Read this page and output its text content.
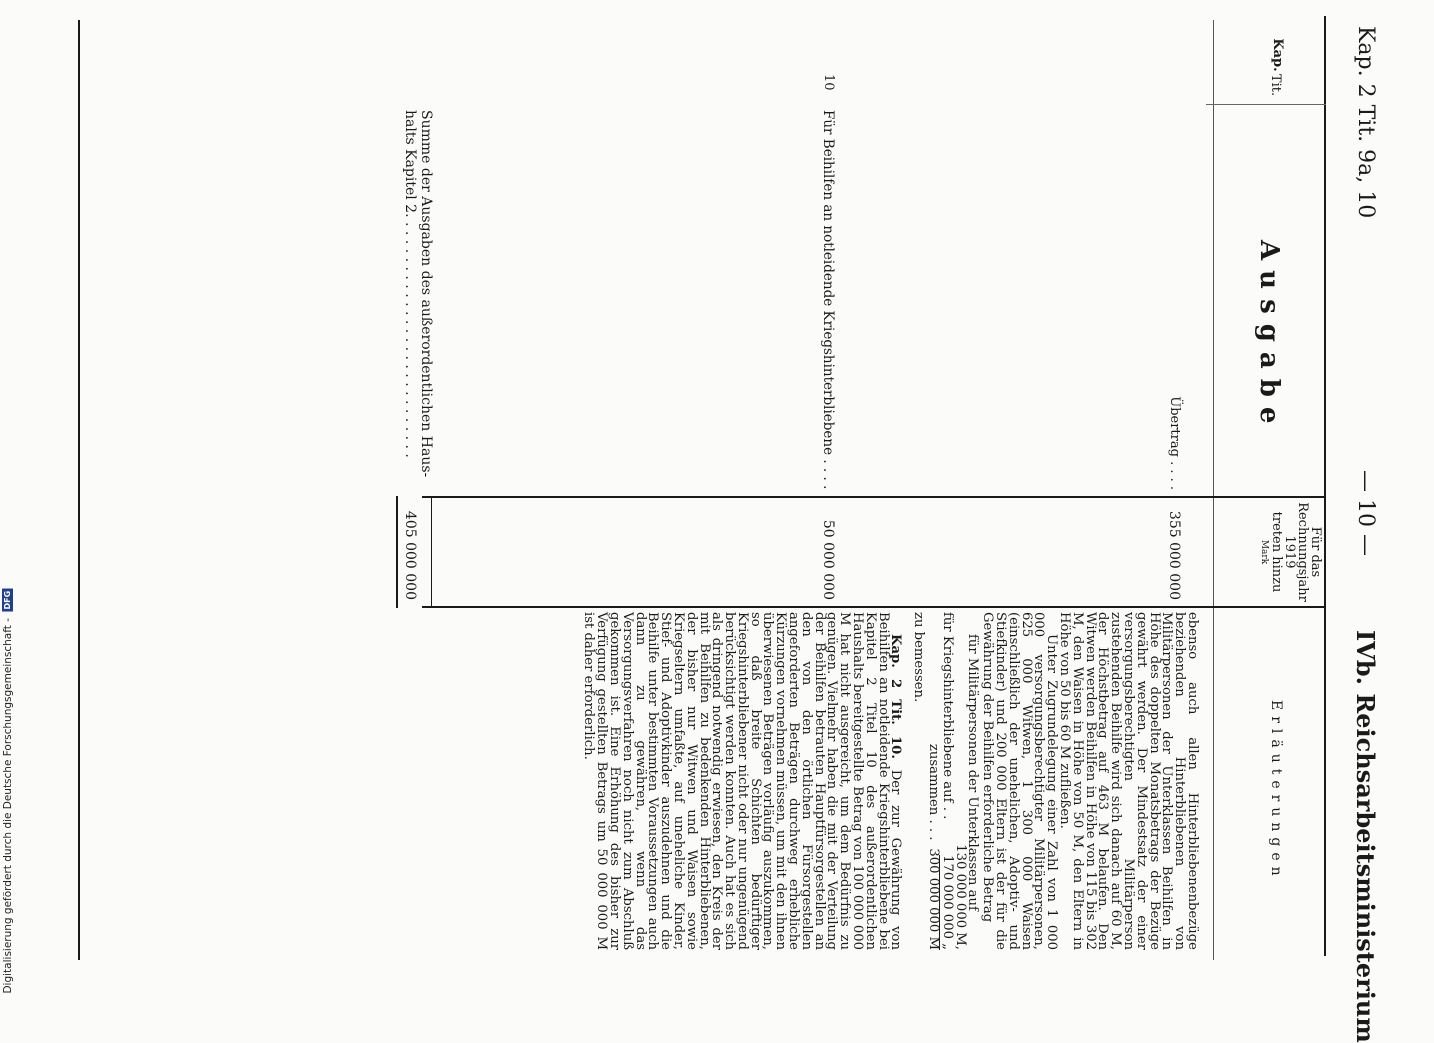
Kap. 2 Tit. 9a, 10
— 10 —
IVb. Reichsarbeitsministerium
Kap.
Tit.
Ausgabe
Für das
Rechnungsjahr
1919
treten hinzu
Mark
Erläuterungen
Übertrag . . . .
355 000 000
10
Für Beihilfen an notleidende Kriegshinterbliebene . . . .
50 000 000
Summe der Ausgaben des außerordentlichen Haus-
halts Kapitel 2. . . . . . . . . . . . . . . . . . . . . . . . . . . .
405 000 000

ebenso auch allen Hinterbliebenenbezüge beziehenden Hinterbliebenen von Militärpersonen der Unterklassen Beihilfen in Höhe des doppelten Monatsbetrags der Bezüge gewährt werden. Der Mindestsatz der einer versorgungsberechtigten Militärperson zustehenden Beihilfe wird sich danach auf 60 M, der Höchstbetrag auf 463 M belaufen. Den Witwen werden Beihilfen in Höhe von 115 bis 302 M, den Waisen in Höhe von 50 M, den Eltern in Höhe von 50 bis 60 M zufließen.

Unter Zugrundelegung einer Zahl von 1 000 000 versorgungsberechtigter Militärpersonen, 625 000 Witwen, 1 300 000 Waisen (einschließlich der unehelichen, Adoptiv- und Stiefkinder) und 200 000 Eltern ist der für die Gewährung der Beihilfen erforderliche Betrag

für Militärpersonen der Unterklassen auf
130 000 000 M,
für Kriegshinterbliebene auf . .
170 000 000 „
zusammen . . .
300 000 000 M

zu bemessen.

Kap. 2 Tit. 10. Der zur Gewährung von Beihilfen an notleidende Kriegshinterbliebene bei Kapitel 2 Titel 10 des außerordentlichen Haushalts bereitgestellte Betrag von 100 000 000 M hat nicht ausgereicht, um dem Bedürfnis zu genügen. Vielmehr haben die mit der Verteilung der Beihilfen betrauten Hauptfürsorgestellen an den von den örtlichen Fürsorgestellen angeforderten Beträgen durchweg erhebliche Kürzungen vornehmen müssen, um mit den ihnen überwiesenen Beträgen vorläufig auszukommen, so daß breite Schichten bedürftiger Kriegshinterbliebener nicht oder nur ungenügend berücksichtigt werden konnten. Auch hat es sich als dringend notwendig erwiesen, den Kreis der mit Beihilfen zu bedenkenden Hinterbliebenen, der bisher nur Witwen und Waisen sowie Kriegseltern umfaßte, auf uneheliche Kinder, Stief- und Adoptivkinder auszudehnen und die Beihilfe unter bestimmten Voraussetzungen auch dann zu gewähren, wenn das Versorgungsverfahren noch nicht zum Abschluß gekommen ist. Eine Erhöhung des bisher zur Verfügung gestellten Betrags um 50 000 000 M ist daher erforderlich.

Digitalisierung gefördert durch die Deutsche Forschungsgemeinschaft - DFG
